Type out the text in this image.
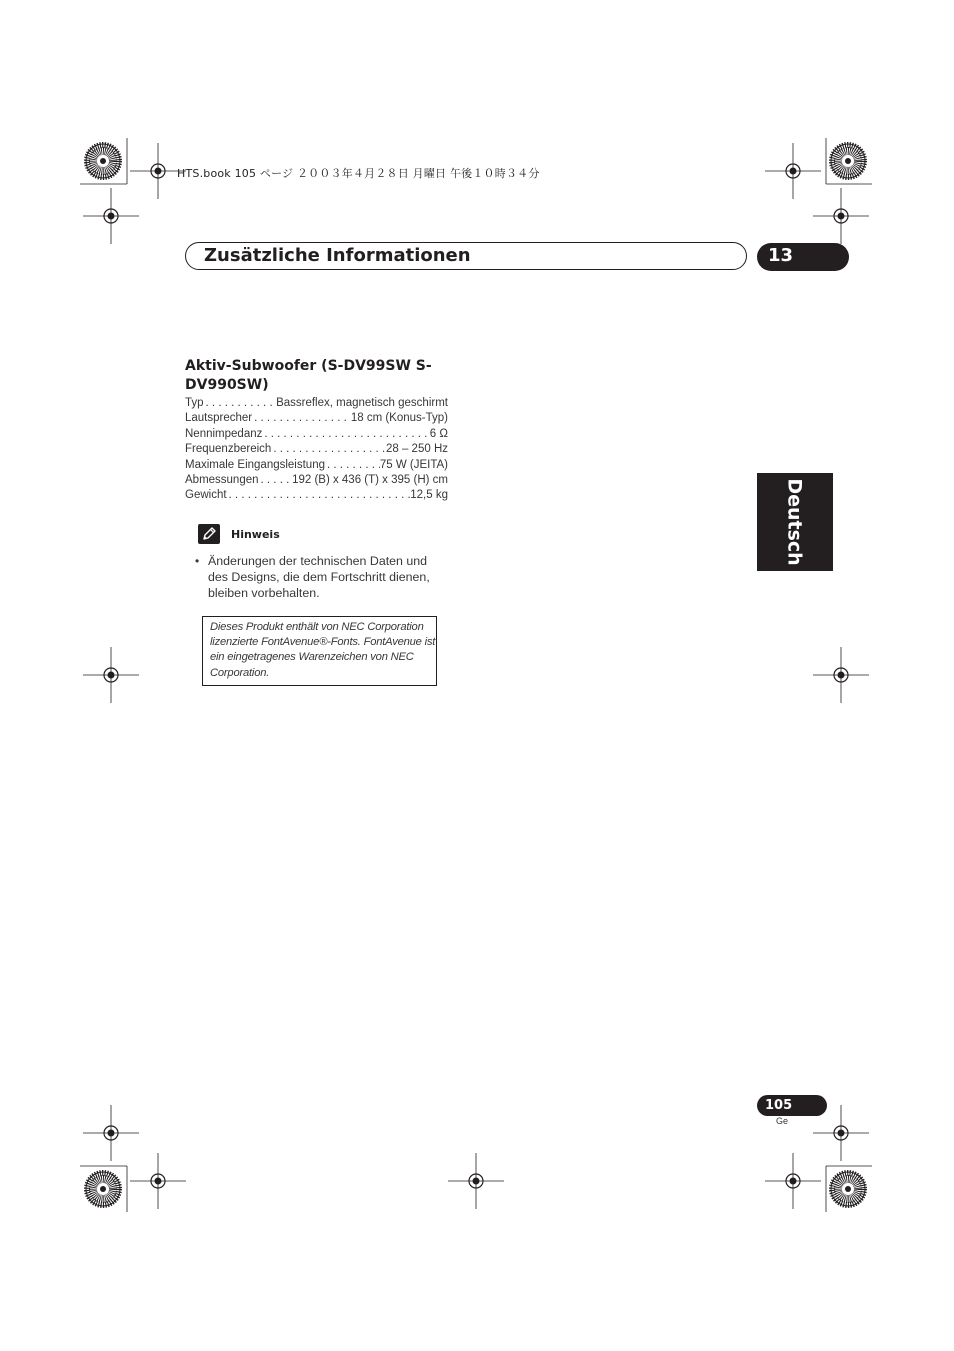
HTS.book 105 ページ ２００３年４月２８日 月曜日 午後１０時３４分
Zusätzliche Informationen	13
Aktiv-Subwoofer (S-DV99SW S-DV990SW)
Typ . . .	Bassreflex, magnetisch geschirmt
Lautsprecher . . .	18 cm (Konus-Typ)
Nennimpedanz . . .	6 Ω
Frequenzbereich . . .	28 – 250 Hz
Maximale Eingangsleistung . . .	75 W (JEITA)
Abmessungen . . .	192 (B) x 436 (T) x 395 (H) cm
Gewicht . . .	12,5 kg
Hinweis
• Änderungen der technischen Daten und des Designs, die dem Fortschritt dienen, bleiben vorbehalten.
Dieses Produkt enthält von NEC Corporation lizenzierte FontAvenue®-Fonts. FontAvenue ist ein eingetragenes Warenzeichen von NEC Corporation.
Deutsch
105
Ge
